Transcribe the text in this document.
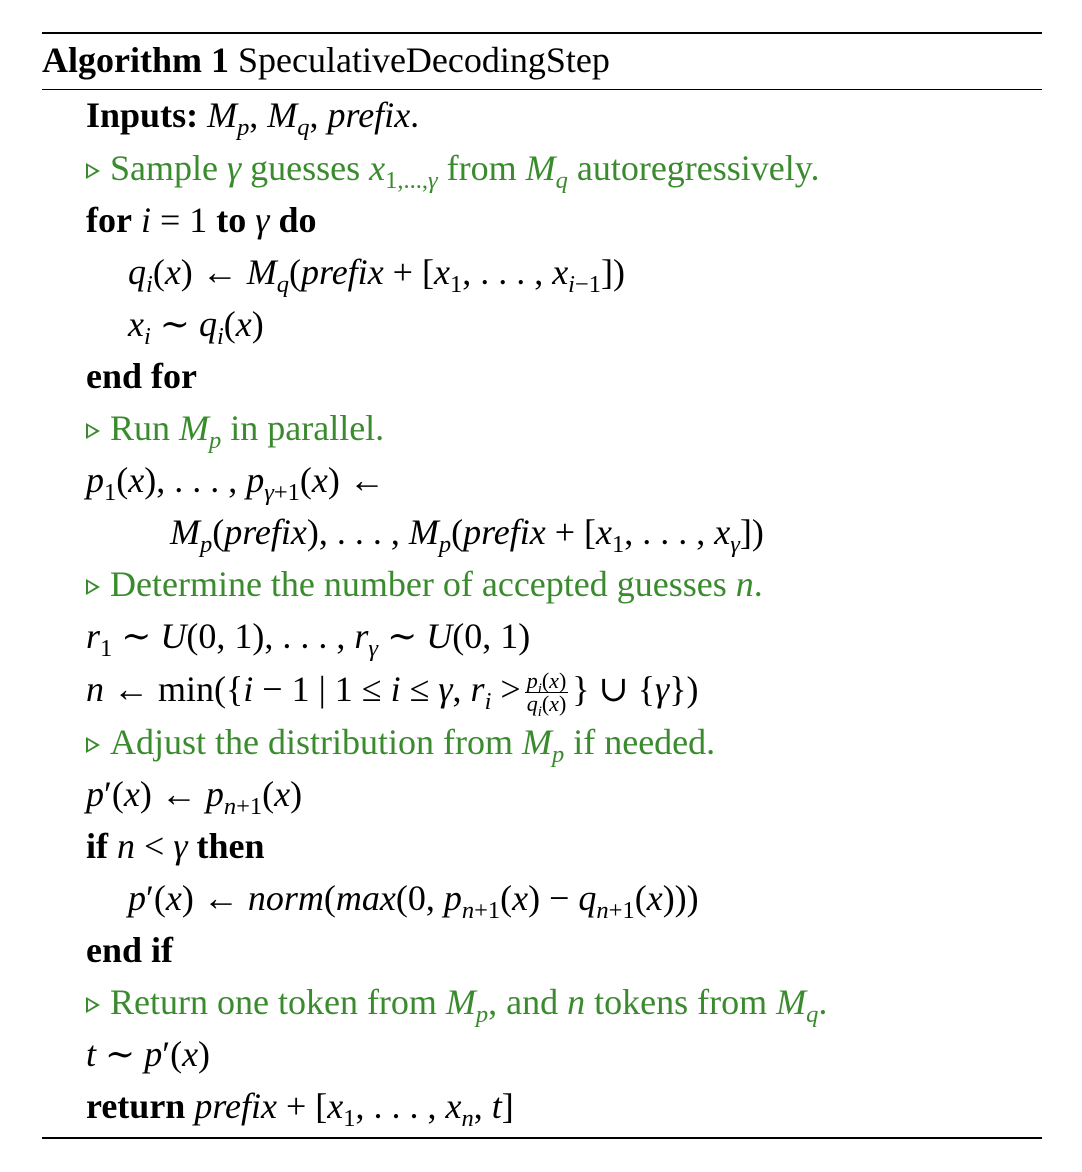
Algorithm 1 SpeculativeDecodingStep
Inputs: $M_p$, $M_q$, prefix.
Sample γ guesses $x_{1,...,\gamma}$ from $M_q$ autoregressively.
for i = 1 to γ do
$q_i(x)$ ← $M_q(prefix + [x_1$, . . . , $x_{i-1}$])
$x_i$ ∼ $q_i(x)$
end for
Run $M_p$ in parallel.
$p_1(x)$, . . . , $p_{\gamma+1}(x)$ ←
$M_p(prefix)$, . . . , $M_p(prefix + [x_1$, . . . , $x_\gamma$])
Determine the number of accepted guesses n.
$r_1$ ∼ U(0, 1), . . . , $r_\gamma$ ∼ U(0, 1)
n ← min({i − 1 | 1 ≤ i ≤ γ, $r_i > \frac{p_i(x)}{q_i(x)}$ } ∪ {γ})
Adjust the distribution from $M_p$ if needed.
p′(x) ← $p_{n+1}(x)$
if n < γ then
p′(x) ← norm(max(0, $p_{n+1}(x) - q_{n+1}(x)$))
end if
Return one token from $M_p$, and n tokens from $M_q$.
t ∼ p′(x)
return prefix + [$x_1$, . . . , $x_n$, t]
